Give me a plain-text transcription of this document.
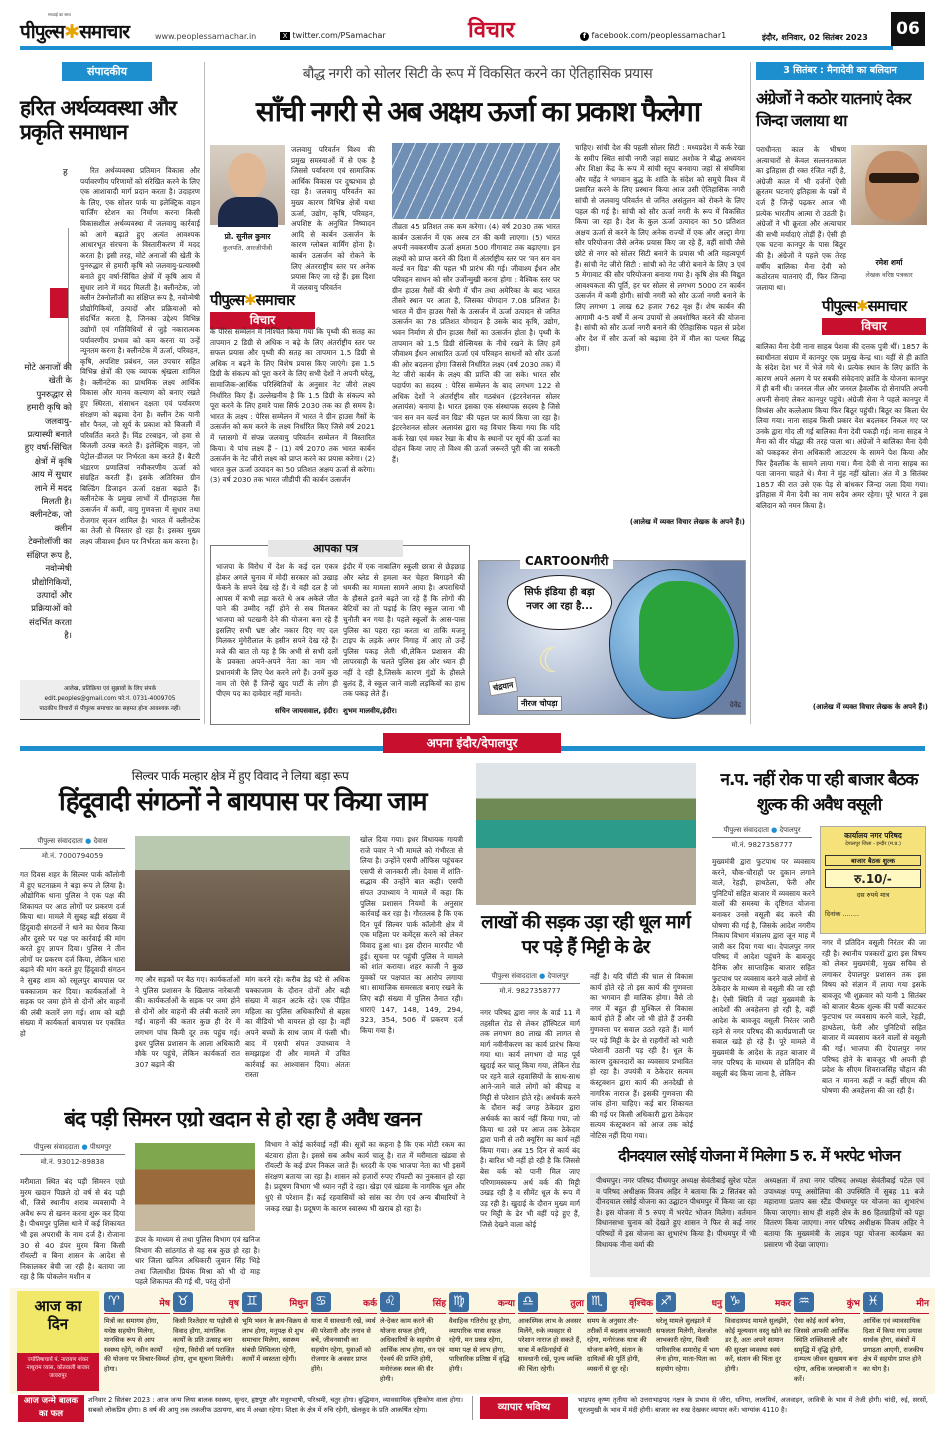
सच्चाई का साथ
पीपुल्स✱समाचार	www.peoplessamachar.in	X twitter.com/PSamachar	विचार	f facebook.com/peoplessamachar1	इंदौर, शनिवार, 02 सितंबर 2023	06
संपादकीय
हरित अर्थव्यवस्था और प्रकृति समाधान
ह	रित अर्थव्यवस्था प्रतिमान विकास और पर्यावरणीय परिणामों को संरेखित करने के लिए एक आशावादी मार्ग प्रदान करता है। उदाहरण के लिए, एक सोलर पार्क या इलेक्ट्रिक वाहन चार्जिंग स्टेशन का निर्माण करना किसी विकासशील अर्थव्यवस्था में जलवायु कार्रवाई को आगे बढ़ाते हुए अत्यंत आवश्यक आधारभूत संरचना के विस्तारीकरण में मदद करता है। इसी तरह, मोटे अनाजों की खेती के पुनरुद्धार से हमारी कृषि को जलवायु-प्रत्यास्थी बनाते हुए वर्षा-सिंचित क्षेत्रों में कृषि आय में सुधार लाने में मदद मिलती है। क्लीनटेक, जो क्लीन टेक्नोलॉजी का संक्षिप्त रूप है, नवोन्मेषी प्रौद्योगिकियों, उत्पादों और प्रक्रियाओं को संदर्भित करता है, जिनका उद्देश्य विभिन्न उद्योगों एवं गतिविधियों से जुड़े नकारात्मक पर्यावरणीय प्रभाव को कम करना या उन्हें न्यूनतम करना है। क्लीनटेक में ऊर्जा, परिवहन, कृषि, अपशिष्ट प्रबंधन, जल उपचार सहित विभिन्न क्षेत्रों की एक व्यापक श्रृंखला शामिल है। क्लीनटेक का प्राथमिक लक्ष्य आर्थिक विकास और मानव कल्याण को बनाए रखते हुए स्थिरता, संसाधन दक्षता एवं पर्यावरण संरक्षण को बढ़ावा देना है। क्लीन टेक यानी सौर पैनल, जो सूर्य के प्रकाश को बिजली में परिवर्तित करते हैं। विंड टरबाइन, जो हवा से बिजली उत्पन्न करते हैं। इलेक्ट्रिक वाहन, जो पेट्रोल-डीजल पर निर्भरता कम करते हैं। बैटरी भंडारण प्रणालियां नवीकरणीय ऊर्जा को संग्रहित करती हैं। इसके अतिरिक्त ग्रीन बिल्डिंग डिजाइन ऊर्जा दक्षता बढ़ाते हैं। क्लीनटेक के प्रमुख लाभों में ग्रीनहाउस गैस उत्सर्जन में कमी, वायु गुणवत्ता में सुधार तथा रोजगार सृजन शामिल है। भारत में क्लीनटेक का तेजी से विस्तार हो रहा है। इसका मुख्य लक्ष्य जीवाश्म ईंधन पर निर्भरता कम करना है।
मोटे अनाजों की खेती के पुनरुद्धार से हमारी कृषि को जलवायु-प्रत्यास्थी बनाते हुए वर्षा-सिंचित क्षेत्रों में कृषि आय में सुधार लाने में मदद मिलती है। क्लीनटेक, जो क्लीन टेक्नोलॉजी का संक्षिप्त रूप है, नवोन्मेषी प्रौद्योगिकियों, उत्पादों और प्रक्रियाओं को संदर्भित करता है।
आलेख, प्रतिक्रिया एवं सुझावों के लिए संपर्क
edit.peoples@gmail.com फो.नं. 0731-4009705
पाठकीय विचारों से पीपुल्स समाचार का सहमत होना आवश्यक नहीं।
बौद्ध नगरी को सोलर सिटी के रूप में विकसित करने का ऐतिहासिक प्रयास
साँची नगरी से अब अक्षय ऊर्जा का प्रकाश फैलेगा
प्रो. सुनील कुमार
कुलपति, आरजीपीवी
पीपुल्स✱समाचार
विचार
जलवायु परिवर्तन विश्व की प्रमुख समस्याओं में से एक है जिससे पर्यावरण एवं सामाजिक आर्थिक विकास पर दुष्प्रभाव हो रहा है। जलवायु परिवर्तन का मुख्य कारण विभिन्न क्षेत्रों यथा ऊर्जा, उद्योग, कृषि, परिवहन, अपशिष्ट के अनुचित निष्पादन आदि से कार्बन उत्सर्जन के कारण ग्लोबल वार्मिंग होना है। कार्बन उत्सर्जन को रोकने के लिए अंतरराष्ट्रीय स्तर पर अनेक प्रयास किए जा रहे हैं। इस दिशा में जलवायु परिवर्तन
के पेरिस सम्मेलन में निश्चित किया गया कि पृथ्वी की सतह का तापमान 2 डिग्री से अधिक न बढ़े के लिए अंतर्राष्ट्रीय स्तर पर सफल प्रयास और पृथ्वी की सतह का तापमान 1.5 डिग्री से अधिक न बढ़ने के लिए विशेष प्रयास किए जाएंगे। इस 1.5 डिग्री के संकल्प को पूरा करने के लिए सभी देशों ने अपनी घरेलू, सामाजिक-आर्थिक परिस्थितियों के अनुसार नेट जीरो लक्ष्य निर्धारित किए हैं। उल्लेखनीय है कि 1.5 डिग्री के संकल्प को पूरा करने के लिए हमारे पास सिर्फ 2030 तक का ही समय है। भारत के लक्ष्य : पेरिस सम्मेलन में भारत ने ग्रीन हाउस गैसों के उत्सर्जन को कम करने के लक्ष्य निर्धारित किए जिसे वर्ष 2021 में ग्लासगो में संपन्न जलवायु परिवर्तन सम्मेलन में विस्तारित किया। ये पांच लक्ष्य हैं - (1) वर्ष 2070 तक भारत कार्बन उत्सर्जन के नेट जीरो लक्ष्य को प्राप्त करने का प्रयास करेगा। (2) भारत कुल ऊर्जा उत्पादन का 50 प्रतिशत अक्षय ऊर्जा से करेगा। (3) वर्ष 2030 तक भारत जीडीपी की कार्बन उत्सर्जन
तीव्रता 45 प्रतिशत तक कम करेगा। (4) वर्ष 2030 तक भारत कार्बन उत्सर्जन में एक अरब टन की कमी लाएगा। (5) भारत अपनी नवकरणीय ऊर्जा क्षमता 500 गीगावाट तक बढ़ाएगा। इन लक्ष्यों को प्राप्त करने की दिशा में अंतर्राष्ट्रीय स्तर पर 'वन सन वन वर्ल्ड वन ग्रिड' की पहल भी प्रारंभ की गई। जीवाश्म ईंधन और परिवहन साधन को सौर उर्जोन्मुखी करना होगा : वैश्विक स्तर पर ग्रीन हाउस गैसों की श्रेणी में चीन तथा अमेरिका के बाद भारत तीसरे स्थान पर आता है, जिसका योगदान 7.08 प्रतिशत है। भारत में ग्रीन हाउस गैसों के उत्सर्जन में ऊर्जा उत्पादन से जनित उत्सर्जन का 78 प्रतिशत योगदान है उसके बाद कृषि, उद्योग, भवन निर्माण से ग्रीन हाउस गैसों का उत्सर्जन होता है। पृथ्वी के तापमान को 1.5 डिग्री सेल्सियस के नीचे रखने के लिए हमें जीवाश्म ईंधन आधारित ऊर्जा एवं परिवहन साधनों को सौर ऊर्जा की ओर बदलना होगा जिससे निर्धारित लक्ष्य (वर्ष 2030 तक) में नेट जीरो कार्बन के लक्ष्य की प्राप्ति की जा सके। भारत सौर पदार्पण का सदस्य : पेरिस सम्मेलन के बाद लगभग 122 से अधिक देशों ने अंतर्राष्ट्रीय सौर गठबंधन (इंटरनेशनल सोलर अलायंस) बनाया है। भारत इसका एक संस्थापक सदस्य है जिसे 'वन सन वन वर्ल्ड वन ग्रिड' की पहल पर कार्य किया जा रहा है। इंटरनेशनल सोलर अलायंस द्वारा यह विचार किया गया कि यदि कर्क रेखा एवं मकर रेखा के बीच के स्थानों पर सूर्य की ऊर्जा का दोहन किया जाए तो विश्व की ऊर्जा जरूरतें पूरी की जा सकती हैं।
चाहिए। सांची देश की पहली सोलर सिटी : मध्यप्रदेश में कर्क रेखा के समीप स्थित सांची नगरी जहां सम्राट अशोक ने बौद्ध अध्ययन और शिक्षा केंद्र के रूप में सांची स्तूप बनवाया जहां से संघमित्रा और महेंद्र ने भगवान बुद्ध के शांति के संदेश को समूचे विश्व में प्रसारित करने के लिए प्रस्थान किया आज उसी ऐतिहासिक नगरी सांची से जलवायु परिवर्तन से जनित असंतुलन को रोकने के लिए पहल की गई है। सांची को सौर ऊर्जा नगरी के रूप में विकसित किया जा रहा है। देश के कुल ऊर्जा उत्पादन का 50 प्रतिशत अक्षय ऊर्जा से करने के लिए अनेक राज्यों में एक और अल्ट्रा मेगा सौर परियोजना जैसे अनेक प्रयास किए जा रहे हैं, वहीं सांची जैसे छोटे से नगर को सोलर सिटी बनाने के प्रयास भी अति महत्वपूर्ण हैं। सांची नेट जीरो सिटी : सांची को नेट जीरो बनाने के लिए 3 एवं 5 मेगावाट की सौर परियोजना बनाया गया है। कृषि क्षेत्र की विद्युत आवश्यकता की पूर्ति, हर घर सोलर से लगभग 5000 टन कार्बन उत्सर्जन में कमी होगी। सांची नगरी को सौर ऊर्जा नगरी बनाने के लिए लगभग 1 लाख 62 हजार 762 वृक्ष हैं। शेष कार्बन की आगामी 4-5 वर्षों में अन्य उपायों से अवशोषित करने की योजना है। सांची को सौर ऊर्जा नगरी बनाने की ऐतिहासिक पहल से प्रदेश और देश में सौर ऊर्जा को बढ़ावा देने में मील का पत्थर सिद्ध होगा।
(आलेख में व्यक्त विचार लेखक के अपने हैं।)
आपका पत्र
भाजपा के विरोध में देश के कई दल एकत्र होकर अगले चुनाव में मोदी सरकार को उखाड़ फेंकने के सपने देख रहे हैं। ये वही दल है जो आपस में कभी लड़ा करते थे अब अकेले जीत पाने की उम्मीद नहीं होने से सब मिलकर भाजपा को पटखनी देने की योजना बना रहे हैं इसलिए सभी भ्रष्ट और नकार दिए गए दल मिलकर मुंगेरीलाल के हसीन सपने देख रहे हैं। मजे की बात तो यह है कि अभी से सभी दलों के प्रवक्ता अपने-अपने नेता का नाम भी प्रधानमंत्री के लिए पेश करने लगे हैं। उनमें कुछ नाम तो ऐसे हैं जिन्हें खुद पार्टी के लोग ही पीएम पद का दावेदार नहीं मानते।
सचिन जायसवाल, इंदौर।
इंदौर में एक नाबालिग स्कूली छात्रा से छेड़छाड़ और ब्लेड से हमला कर चेहरा बिगाड़ने की धमकी का मामला सामने आया है। अपराधियों के हौसले इतने बढ़ते जा रहे हैं कि लोगों की बेटियों का तो पढ़ाई के लिए स्कूल जाना भी चुनौती बन गया है। पहले स्कूलों के आस-पास पुलिस का पहरा रहा करता था ताकि मजनू टाइप के लड़के अगर निगाह में आए तो उन्हें पुलिस पकड़ लेती थी,लेकिन प्रशासन की लापरवाही के चलते पुलिस इस ओर ध्यान ही नहीं दे रही है,जिसके कारण गुंडों के हौसले बुलंद हैं, वे स्कूल जाने वाली लड़कियों का हाथ तक पकड़ लेते हैं।
शुभम मालवीय,इंदौर।
सिर्फ इंडिया ही बड़ा नजर आ रहा है...
☾
चंद्रयान
नीरज चोपड़ा	देवेंद्र
CARTOONगीरी
3 सितंबर : मैनादेवी का बलिदान
अंग्रेजों ने कठोर यातनाएं देकर जिन्दा जलाया था
रमेश शर्मा
लेखक वरिष्ठ पत्रकार
पराधीनता काल के भीषण अत्याचारों से केवल सल्तनतकाल का इतिहास ही रक्त रंजित नहीं है, अंग्रेजी काल में भी दर्जनों ऐसी क्रूरतम घटनाएं इतिहास के पन्नों में दर्ज हैं जिन्हें पढ़कर आज भी प्रत्येक भारतीय आत्मा रो उठती है। अंग्रेजों ने भी क्रूरता और अत्याचार की सभी मर्यादाएं तोड़ीं हैं। ऐसी ही एक घटना कानपुर के पास बिठूर की है। अंग्रेजों ने पहले एक तेरह वर्षीय बालिका मैना देवी को कठोरतम यातनाएं दीं, फिर जिन्दा जलाया था।
पीपुल्स✱समाचार
विचार
बालिका मैना देवी नाना साहब पेशवा की दत्तक पुत्री थीं। 1857 के स्वाधीनता संग्राम में कानपुर एक प्रमुख केन्द्र था। यहीं से ही क्रांति के संदेश देश भर में भेजे गये थे। प्रत्येक स्थान के लिए क्रांति के कारण अपने अलग ये पर सबकी संवेदनाएं क्रांति के योजना कानपुर में ही बनी थी। जनरल नील और जनरल हैवलॉक दो सेनापति अपनी अपनी सेनाएं लेकर कानपुर पहुंचे। अंग्रेजी सेना ने पहले कानपुर में विध्वंस और कत्लेआम किया फिर बिठूर पहुंची। बिठूर का किला घेर लिया गया। नाना साहब किसी प्रकार वेश बदलकर निकल गए पर उनके द्वारा गोद ली गई बालिका मैना देवी पकड़ी गई। नाना साहब ने मैना को वीर योद्धा की तरह पाला था। अंग्रेजों ने बालिका मैना देवी को पकड़कर सेना अधिकारी आउटरम के सामने पेश किया और फिर हैवलॉक के सामने लाया गया। मैना देवी से नाना साहब का पता जानना चाहते थे। मैना ने मुंह नहीं खोला। अंत में 3 सितंबर 1857 की रात उसे एक पेड़ से बांधकर जिन्दा जला दिया गया। इतिहास में मैना देवी का नाम सदैव अमर रहेगा। पूरे भारत ने इस बलिदान को नमन किया है।
(आलेख में व्यक्त विचार लेखक के अपने हैं।)
अपना इंदौर/देपालपुर
सिल्वर पार्क मल्हार क्षेत्र में हुए विवाद ने लिया बड़ा रूप
हिंदूवादी संगठनों ने बायपास पर किया जाम
पीपुल्स संवाददाता ● देवास
मो.नं. 7000794059
गत दिवस शहर के सिल्वर पार्क कॉलोनी में हुए घटनाक्रम ने बड़ा रूप ले लिया है। औद्योगिक थाना पुलिस ने एक पक्ष की शिकायत पर आठ लोगों पर प्रकरण दर्ज किया था। मामले में सुबह बड़ी संख्या में हिंदूवादी संगठनों ने थाने का घेराव किया और दूसरे पर पक्ष पर कार्रवाई की मांग करते हुए ज्ञापन दिया। पुलिस ने तीन लोगों पर प्रकरण दर्ज किया, लेकिन धारा बढ़ाने की मांग करते हुए हिंदूवादी संगठन ने सुबह शाम को रसूलपुर बायपास पर चक्काजाम कर दिया। कार्यकर्ताओं ने सड़क पर जमा होने से दोनों ओर वाहनों की लंबी कतारें लग गई। शाम को बड़ी संख्या में कार्यकर्ता बायपास पर एकत्रित हो
गए और सड़कों पर बैठ गए। कार्यकर्ताओं ने पुलिस प्रशासन के खिलाफ नारेबाजी की। कार्यकर्ताओं के सड़क पर जमा होने से दोनों ओर वाहनों की लंबी कतारें लग गईं। वाहनों की कतार कुछ ही देर में लगभग पांच किमी दूर तक पहुंच गई। इधर पुलिस प्रशासन के आला अधिकारी मौके पर पहुंचे, लेकिन कार्यकर्ता रात 307 बढ़ाने की
मांग करने रहे। करीब डेढ़ घंटे से अधिक चक्काजाम के दौरान दोनों और बड़ी संख्या में वाहन अटके रहे। एक पीड़ित महिला का पुलिस अधिकारियों से बहस का वीडियो भी वायरल हो रहा है। वहीं अपने बच्चों के साथ जाम में फंसी भी। बाद में एसपी संपत उपाध्याय ने समझाइश दी और मामले में उचित कार्रवाई का आश्वासन दिया। अंततः रास्ता
खोल दिया गया। इधर विधायक गायत्री राजे पवार ने भी मामले को गंभीरता से लिया है। उन्होंने एसपी ऑफिस पहुंचकर एसपी से जानकारी ली। देवास में शांति-सद्भाव की उन्होंने बात कही। एसपी संपत उपाध्याय ने मामले में कहा कि पुलिस प्रशासन नियमों के अनुसार कार्रवाई कर रहा है। गौरतलब है कि एक दिन पूर्व सिल्वर पार्क कॉलोनी क्षेत्र में एक महिला पर कमेंट्स करने को लेकर विवाद हुआ था। इस दौरान मारपीट भी हुई। सूचना पर पहुंची पुलिस ने मामले को शांत कराया। शहर काजी ने कुछ युवकों पर पक्षपात का आरोप लगाया था। सामाजिक समरसता बनाए रखने के लिए बड़ी संख्या में पुलिस तैनात रही। धाराएं 147, 148, 149, 294, 323, 354, 506 में प्रकरण दर्ज किया गया है।
लाखों की सड़क उड़ा रही धूल मार्ग पर पड़े हैं मिट्टी के ढेर
पीपुल्स संवाददाता ● देपालपुर
मो.नं. 9827358777
नगर परिषद द्वारा नगर के वार्ड 11 में तहसील रोड से लेकर हॉस्पिटल मार्ग तक लगभग 80 लाख की लागत से मार्ग नवीनीकरण का कार्य प्रारंभ किया गया था। कार्य लगभग दो माह पूर्व खुदाई कर चालू किया गया, लेकिन रोड पर रहने वाले रहवासियों के साथ-साथ आने-जाने वाले लोगों को कीचड़ व मिट्टी से परेशान होते रहे। अर्थवर्क करने के दौरान कई जगह ठेकेदार द्वारा अर्थवर्क का कार्य नहीं किया गया, जो किया था उसे पर आज तक ठेकेदार द्वारा पानी से तरी क्यूरिंग का कार्य नहीं किया गया। अब 15 दिन से कार्य बंद है। बारिश भी नहीं हो रही है कि जिससे बेस वर्क को पानी मिल जाए परिणामस्वरूप अर्थ वर्क की मिट्टी उखड़ रही है व सीमेंट धूल के रूप में उड़ रही है। खुदाई के दौरान मुख्य मार्ग पर मिट्टी के ढेर भी वहीं पड़े हुए हैं, जिसे देखने वाला कोई
नहीं है। यदि चींटी की चाल से विकास कार्य होते रहे तो इस कार्य की गुणवत्ता का भगवान ही मालिक होगा। वैसे तो नगर में बहुत ही मुश्किल से विकास कार्य होते हैं और जो भी होते हैं उनकी गुणवत्ता पर सवाल उठते रहते हैं। मार्ग पर पड़े मिट्टी के ढेर से राहगीरों को भारी परेशानी उठानी पड़ रही है। धूल के कारण दुकानदारों का व्यवसाय प्रभावित हो रहा है। उपयंत्री व ठेकेदार सत्यम कंस्ट्रक्शन द्वारा कार्य की अनदेखी से नागरिक नाराज हैं। इसकी गुणवत्ता की जांच होना चाहिए। कई बार शिकायत की गई पर किसी अधिकारी द्वारा ठेकेदार सत्यम कंस्ट्रक्शन को आज तक कोई नोटिस नहीं दिया गया।
न.प. नहीं रोक पा रही बाजार बैठक शुल्क की अवैध वसूली
पीपुल्स संवाददाता ● देपालपुर
मो.नं. 9827358777
कार्यालय नगर परिषद
देपालपुर जिला - इन्दौर (म.प्र.)
बाजार बैठक शुल्क
रु.10/-
दस रुपये मात्र
दिनांक ........
मुख्यमंत्री द्वारा फुटपाथ पर व्यवसाय करने, चौक-चौराहों पर दुकान लगाने वाले, रेहड़ी, हाथठेला, फेरी और पुनिटियों सहित बाजार में व्यवसाय करने वालों की समस्या के दृष्टिगत योजना बनाकर उनसे वसूली बंद करने की घोषणा की गई है, जिसके आदेश नगरीय निकाय विभाग मंत्रालय द्वारा जून माह में जारी कर दिया गया था। देपालपुर नगर परिषद में आदेश पहुंचने के बावजूद दैनिक और साप्ताहिक बाजार सहित फुटपाथ पर व्यवसाय करने वाले लोगों से ठेकेदार के माध्यम से वसूली की जा रही है। ऐसी स्थिति में जहां मुख्यमंत्री के आदेशों की अवहेलना हो रही है, वहीं आदेश के बावजूद वसूली निरंतर जारी रहने से नगर परिषद की कार्यप्रणाली पर सवाल खड़े हो रहे हैं। पूरे मामले में मुख्यमंत्री के आदेश के तहत बाजार में नगर परिषद के माध्यम से प्रतिदिन की वसूली बंद किया जाना है, लेकिन
नगर में प्रतिदिन वसूली निरंतर की जा रही है। स्थानीय पत्रकारों द्वारा इस विषय को लेकर मुख्यमंत्री, मुख्य सचिव से लगाकर देपालपुर प्रशासन तक इस विषय को संज्ञान में लाया गया इसके बावजूद भी शुक्रवार को यानी 1 सितंबर को बाजार बैठक शुल्क की पर्ची काटकर फुटपाथ पर व्यवसाय करने वाले, रेहड़ी, हाथठेला, फेरी और पुनिटियों सहित बाजार में व्यवसाय करने वालों से वसूली की गई। भाजपा की देपालपुर नगर परिषद होने के बावजूद भी अपनी ही प्रदेश के सीएम शिवराजसिंह चौहान की बात न मानना कहीं न कहीं सीएम की घोषणा की अवहेलना की जा रही है।
बंद पड़ी सिमरन एग्रो खदान से हो रहा है अवैध खनन
पीपुल्स संवाददाता ● पीथमपुर
मो.नं. 93012-89838
मरीमाता स्थित बंद पड़ी सिमरन एग्रो मुरम खदान पिछले दो वर्ष से बंद पड़ी थी, जिसे स्थानीय शराब व्यवसायी ने अवैध रूप से खनन करना शुरू कर दिया है। पीथमपुर पुलिस थाने में कई शिकायत भी इस अपराधी के नाम दर्ज है। रोजाना 30 से 40 डंपर मुरम बिना किसी रॉयल्टी व बिना शासन के आदेश से निकालकर बेची जा रही है। बताया जा रहा है कि पोकलेन मशीन व
डंपर के माध्यम से तथा पुलिस विभाग एवं खनिज विभाग की सांठगांठ से यह सब कुछ हो रहा है। धार जिला खनिज अधिकारी जुवान सिंह भिड़े तथा जिलाधीश प्रियंक मिश्रा को भी दो माह पहले शिकायत की गई थी, परंतु दोनों
विभाग ने कोई कार्रवाई नहीं की। सूत्रों का कहना है कि एक मोटी रकम का बंटवारा होता है। इससे सब अवैध कार्य चालू है। रात में मरीमाता खंडवा से रॉयल्टी के कई डंपर निकल जाते हैं। धरदरी के एक भाजपा नेता का भी इसमें संरक्षण बताया जा रहा है। शासन को हजारों रुपए रॉयल्टी का नुकसान हो रहा है। प्रदूषण विभाग भी ध्यान नहीं दे रहा। खेड़ा एवं खंडवा के नागरिक धूल और धुएं से परेशान हैं। कई रहवासियों को सांस का रोग एवं अन्य बीमारियों ने जकड़ रखा है। प्रदूषण के कारण स्वास्थ्य भी खराब हो रहा है।
दीनदयाल रसोई योजना में मिलेगा 5 रु. में भरपेट भोजन
पीथमपुर। नगर परिषद पीथमपुर अध्यक्ष सेवंतीबाई सुरेश पटेल व परिषद अधीक्षक विजय अहिर ने बताया कि 2 सितंबर को दीनदयाल रसोई योजना का उद्घाटन पीथमपुर में किया जा रहा है। इस योजना में 5 रुपए में भरपेट भोजन मिलेगा। वर्तमान विधानसभा चुनाव को देखते हुए शासन ने फिर से कई नगर परिषदों में इस योजना का शुभारंभ किया है। पीथमपुर में भी विधायक नीना वर्मा की
अध्यक्षता में तथा नगर परिषद अध्यक्ष सेवंतीबाई पटेल एवं उपाध्यक्ष पप्पू असोलिया की उपस्थिति में सुबह 11 बजे महाराणा प्रताप बस स्टैंड पीथमपुर पर योजना का शुभारंभ किया जाएगा। साथ ही शहरी क्षेत्र के 86 हितग्राहियों को पट्टा वितरण किया जाएगा। नगर परिषद अधीक्षक विजय अहिर ने बताया कि मुख्यमंत्री के लाइव पट्टा योजना कार्यक्रम का प्रसारण भी देखा जाएगा।
आज का दिन
ज्योतिषाचार्य पं. नारायण शंकर नाथूराम व्यास, कोतवाली बाजार जावरापुर
♈	मेष
मित्रों का समागम होगा, यथेष्ठ सहयोग मिलेगा, मानसिक रूप से आप स्वस्थ्य रहेंगे, नवीन कार्यों की योजना पर विचार-विमर्श होगा।
♉	वृष
किसी रिश्तेदार या पड़ोसी से विवाद होगा, मांगलिक कार्यों के प्रति उत्साह बना रहेगा, विरोधी वर्ग पराजित होगा, शुभ सूचना मिलेगी।
♊	मिथुन
भूमि भवन के क्रय-विक्रय से लाभ होगा, मनुपक्ष से शुभ समाचार मिलेगा, स्वास्थ्य संबंधी शिथिलता रहेगी, कार्यों में व्यस्तता रहेगी।
♋	कर्क
यात्रा में सावधानी रखें, व्यर्थ की परेशानी और तनाव से बचें, जीवनसाथी का सहयोग रहेगा, युवाओं को रोजगार के अवसर प्राप्त होंगे।
♌	सिंह
ले-देकर काम करने की योजना सफल होगी, अधिकारियों के सहयोग से आर्थिक लाभ होगा, धन एवं ऐश्वर्य की प्राप्ति होगी, मनोरंजक स्थल की सैर होगी।
♍	कन्या
वैवाहिक गतिरोध दूर होगा, व्यापारिक यात्रा सफल रहेगी, मन प्रसन्न रहेगा, मामा पक्ष से लाभ होगा, पारिवारिक प्रतिष्ठा में वृद्धि होगी।
♎	तुला
आकस्मिक लाभ के अवसर मिलेंगे, रुके व्यवहार से परेशान नाराज हो सकते हैं, यात्रा में कठिनाईयों से सावधानी रखें, पूज्य व्यक्ति की चिंता रहेगी।
♏	वृश्चिक
समय के अनुसार तौर-तरीकों में बदलाव लाभकारी रहेगा, मनोरंजक यात्रा की योजना बनेगी, संतान के दायित्वों की पूर्ति होगी, व्यसनों से दूर रहें।
♐	धनु
घरेलू मामले सुलझाने में सफलता मिलेगी, मेलजोल लाभकारी रहेगा, किसी पारिवारिक समारोह में भाग लेना होगा, माता-पिता का सहयोग रहेगा।
♑	मकर
विवादास्पद मामले सुलझेंगे, कोई मूल्यवान वस्तु खोने का डर है, अतः अपने सामान की सुरक्षा व्यवस्था स्वयं करें, संतान की चिंता दूर होगी।
♒	कुंभ
ऐसा कोई कार्य बनेगा, जिससे आपकी आर्थिक स्थिति शक्तिशाली और समृद्धि में वृद्धि होगी, दाम्पत्य जीवन सुखमय बना रहेगा, अधिक जल्दबाजी न करें।
♓	मीन
आर्थिक एवं व्यावसायिक दिशा में किया गया प्रयास सार्थक होगा, संबंधों में प्रगाढ़ता आएगी, राजकीय क्षेत्र में सहयोग प्राप्त होने का योग है।
आज जन्मे बालक का फल
शनिवार 2 सितंबर 2023 : आज जन्म लिया बालक स्वस्थ्य, सुन्दर, हृष्टपुष्ट और मधुरभाषी, परिश्रमी, चतुर होगा। बुद्धिमान, व्यावसायिक दृष्टिकोण वाला होगा। सबको लोकप्रिय होगा। 8 वर्ष की आयु तक तकलीफ उठायगा, बाद में अच्छा रहेगा। शिक्षा के क्षेत्र में रुचि रहेगी, खेलकूद के प्रति आकर्षित रहेगा।	व्यापार भविष्य
भाद्रपद कृष्ण तृतीया को उत्तराभाद्रपद नक्षत्र के प्रभाव से जीरा, धनिया, लालमिर्च, अजवाइन, जावित्री के भाव में तेजी होगी। चांदी, रुई, सरसों, सूरजमुखी के भाव में मंदी होगी। बाजार का रुख देखकर व्यापार करें। भाग्यांक 4110 है।
